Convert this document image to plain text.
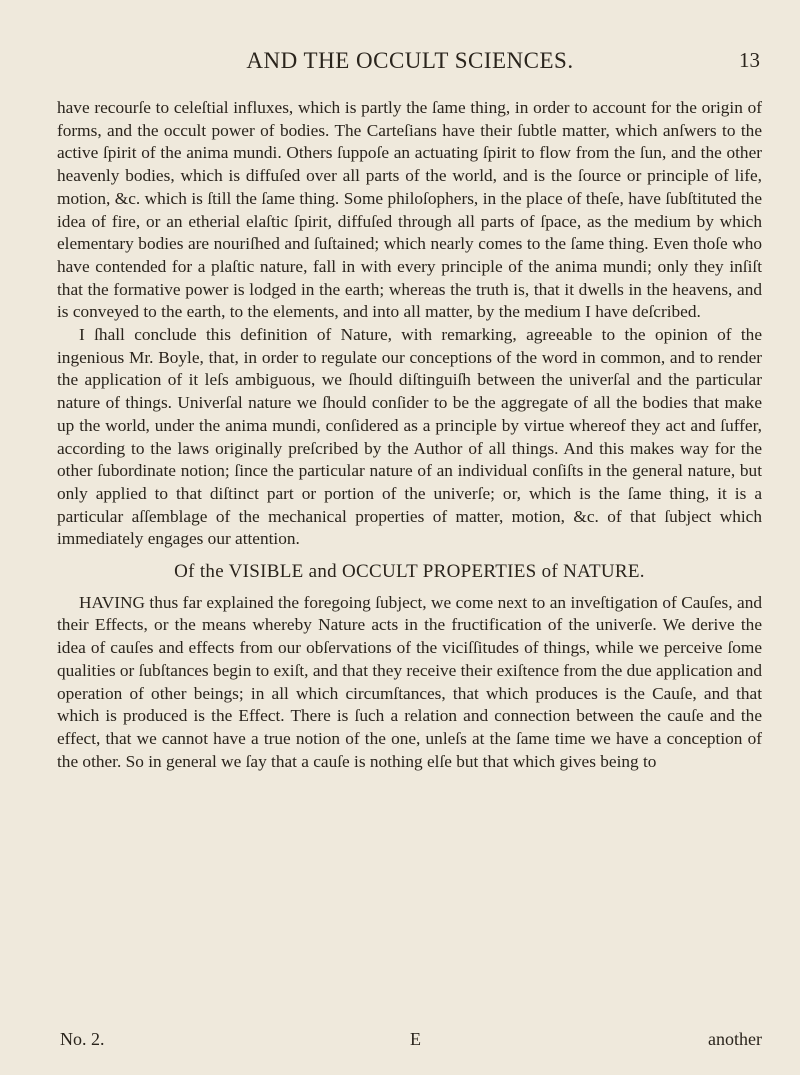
AND THE OCCULT SCIENCES.	13

have recourſe to celeſtial influxes, which is partly the ſame thing, in order to account for the origin of forms, and the occult power of bodies. The Carteſians have their ſubtle matter, which anſwers to the active ſpirit of the anima mundi. Others ſuppoſe an actuating ſpirit to flow from the ſun, and the other heavenly bodies, which is diffuſed over all parts of the world, and is the ſource or principle of life, motion, &c. which is ſtill the ſame thing. Some philoſophers, in the place of theſe, have ſubſtituted the idea of fire, or an etherial elaſtic ſpirit, diffuſed through all parts of ſpace, as the medium by which elementary bodies are nouriſhed and ſuſtained; which nearly comes to the ſame thing. Even thoſe who have contended for a plaſtic nature, fall in with every principle of the anima mundi; only they inſiſt that the formative power is lodged in the earth; whereas the truth is, that it dwells in the heavens, and is conveyed to the earth, to the elements, and into all matter, by the medium I have deſcribed.

I ſhall conclude this definition of Nature, with remarking, agreeable to the opinion of the ingenious Mr. Boyle, that, in order to regulate our conceptions of the word in common, and to render the application of it leſs ambiguous, we ſhould diſtinguiſh between the univerſal and the particular nature of things. Univerſal nature we ſhould conſider to be the aggregate of all the bodies that make up the world, under the anima mundi, conſidered as a principle by virtue whereof they act and ſuffer, according to the laws originally preſcribed by the Author of all things. And this makes way for the other ſubordinate notion; ſince the particular nature of an individual conſiſts in the general nature, but only applied to that diſtinct part or portion of the univerſe; or, which is the ſame thing, it is a particular aſſemblage of the mechanical properties of matter, motion, &c. of that ſubject which immediately engages our attention.

Of the VISIBLE and OCCULT PROPERTIES of NATURE.

HAVING thus far explained the foregoing ſubject, we come next to an inveſtigation of Cauſes, and their Effects, or the means whereby Nature acts in the fructification of the univerſe. We derive the idea of cauſes and effects from our obſervations of the viciſſitudes of things, while we perceive ſome qualities or ſubſtances begin to exiſt, and that they receive their exiſtence from the due application and operation of other beings; in all which circumſtances, that which produces is the Cauſe, and that which is produced is the Effect. There is ſuch a relation and connection between the cauſe and the effect, that we cannot have a true notion of the one, unleſs at the ſame time we have a conception of the other. So in general we ſay that a cauſe is nothing elſe but that which gives being to

No. 2.	E	another
